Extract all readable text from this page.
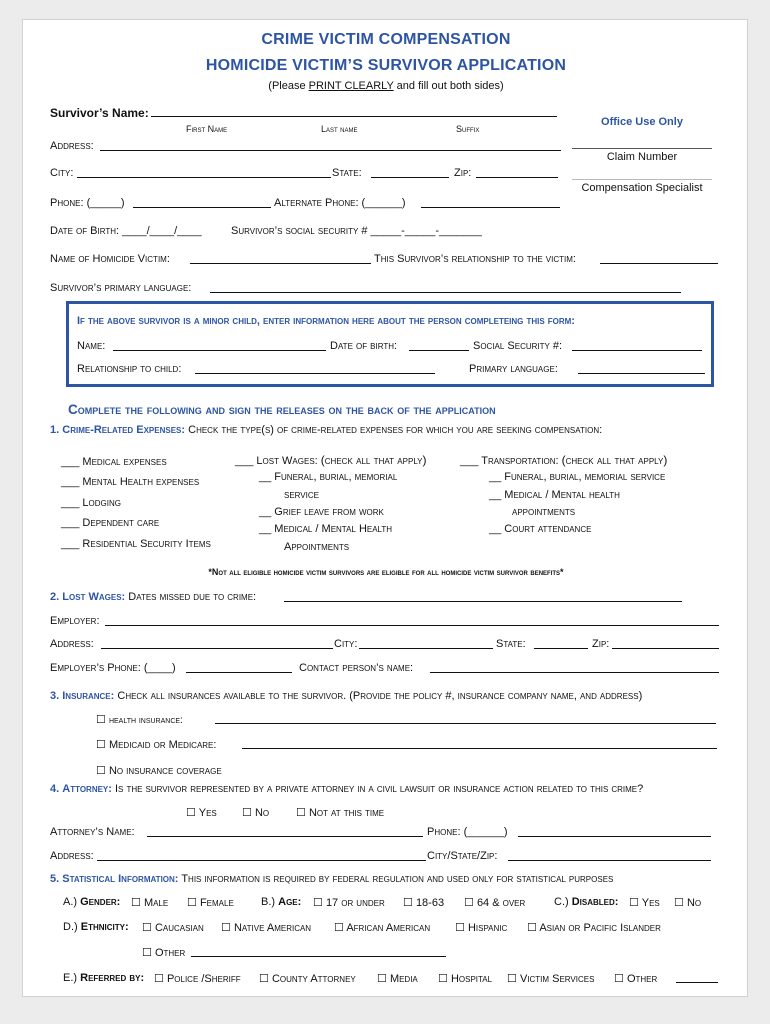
CRIME VICTIM COMPENSATION
HOMICIDE VICTIM’S SURVIVOR APPLICATION
(Please PRINT CLEARLY and fill out both sides)
Office Use Only
Claim Number
Compensation Specialist
Survivor’s Name:
First Name	Last name	Suffix
Address:
City:	State:	Zip:
Phone: (_____)	Alternate Phone: (______)
Date of Birth: ____/____/____	Survivor’s social security # _____-_____-_______
Name of Homicide Victim:	This Survivor’s relationship to the victim:
Survivor’s primary language:
If the above survivor is a minor child, enter information here about the person completeing this form:
Name:	Date of birth:	Social Security #:
Relationship to child:	Primary language:
Complete the following and sign the releases on the back of the application
1. Crime-Related Expenses: Check the type(s) of crime-related expenses for which you are seeking compensation:
___ Medical expenses
___ Mental Health expenses
___ Lodging
___ Dependent care
___ Residential Security Items
___ Lost Wages: (check all that apply)
__ Funeral, burial, memorial
service
__ Grief leave from work
__ Medical / Mental Health
Appointments
___ Transportation: (check all that apply)
__ Funeral, burial, memorial service
__ Medical / Mental health
appointments
__ Court attendance
*Not all eligible homicide victim survivors are eligible for all homicide victim survivor benefits*
2. Lost Wages: Dates missed due to crime:
Employer:
Address:	City:	State:	Zip:
Employer’s Phone: (____)	Contact person’s name:
3. Insurance: Check all insurances available to the survivor. (Provide the policy #, insurance company name, and address)
☐ health insurance:
☐ Medicaid or Medicare:
☐ No insurance coverage
4. Attorney: Is the survivor represented by a private attorney in a civil lawsuit or insurance action related to this crime?
☐ Yes ☐ No ☐ Not at this time
Attorney’s Name:	Phone: (______)
Address:	City/State/Zip:
5. Statistical Information: This information is required by federal regulation and used only for statistical purposes
A.) Gender: ☐ Male ☐ Female B.) Age: ☐ 17 or under ☐ 18-63 ☐ 64 & over	C.) Disabled: ☐ Yes ☐ No
D.) Ethnicity: ☐ Caucasian ☐ Native American ☐ African American ☐ Hispanic ☐ Asian or Pacific Islander
☐ Other
E.) Referred by: ☐ Police /Sheriff ☐ County Attorney ☐ Media ☐ Hospital ☐ Victim Services ☐ Other
